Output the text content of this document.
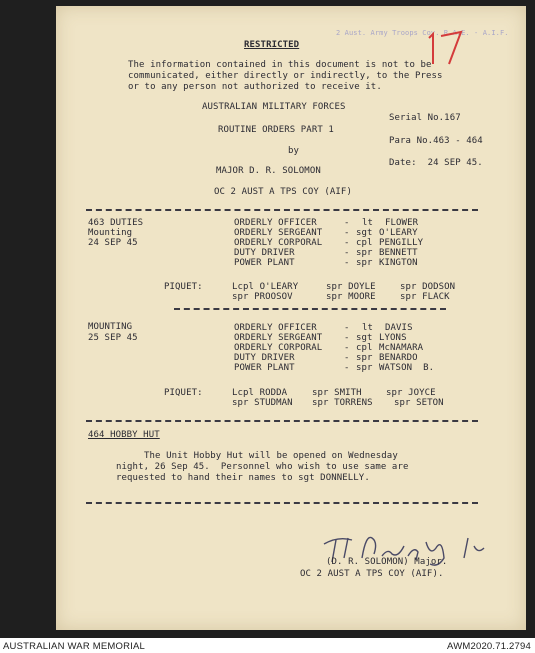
2 Aust. Army Troops Coy. R.A.E. - A.I.F.
RESTRICTED
The information contained in this document is not to be
communicated, either directly or indirectly, to the Press
or to any person not authorized to receive it.
AUSTRALIAN MILITARY FORCES
ROUTINE ORDERS PART 1
by
MAJOR D. R. SOLOMON
OC 2 AUST A TPS COY (AIF)
Serial No.167
Para No.463 - 464
Date:  24 SEP 45.
463 DUTIES
Mounting
24 SEP 45
ORDERLY OFFICER	- lt FLOWER
ORDERLY SERGEANT - sgt O'LEARY
ORDERLY CORPORAL - cpl PENGILLY
DUTY DRIVER	- spr BENNETT
POWER PLANT	- spr KINGTON
PIQUET:	Lcpl O'LEARY	spr DOYLE	spr DODSON
spr PROOSOV	spr MOORE	spr FLACK
MOUNTING
25 SEP 45
ORDERLY OFFICER	- lt DAVIS
ORDERLY SERGEANT - sgt LYONS
ORDERLY CORPORAL - cpl McNAMARA
DUTY DRIVER	- spr BENARDO
POWER PLANT	- spr WATSON  B.
PIQUET:	Lcpl RODDA	spr SMITH	spr JOYCE
spr STUDMAN spr TORRENS spr SETON
464 HOBBY HUT
The Unit Hobby Hut will be opened on Wednesday
night, 26 Sep 45.  Personnel who wish to use same are
requested to hand their names to sgt DONNELLY.
(D. R. SOLOMON) Major.
OC 2 AUST A TPS COY (AIF).
AUSTRALIAN WAR MEMORIAL	AWM2020.71.2794
